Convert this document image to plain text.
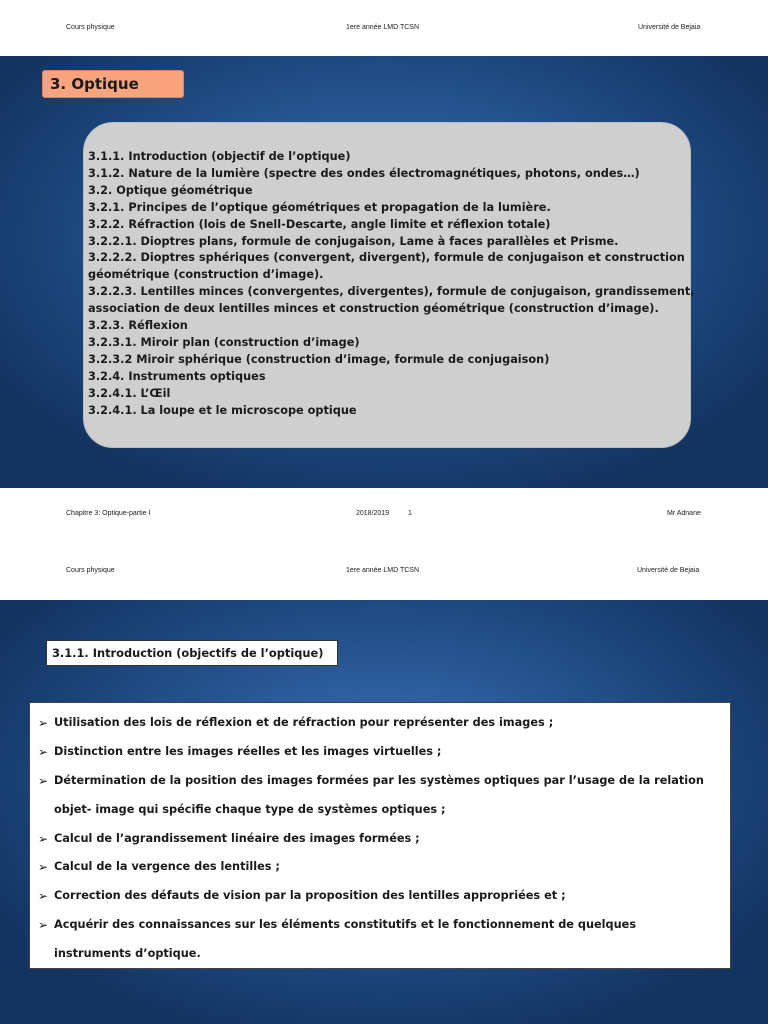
Cours physique	1ere année LMD TCSN	Université de Bejaia
3. Optique
3.1.1. Introduction (objectif de l’optique)
3.1.2. Nature de la lumière (spectre des ondes électromagnétiques, photons, ondes…)
3.2. Optique géométrique
3.2.1. Principes de l’optique géométriques et propagation de la lumière.
3.2.2. Réfraction (lois de Snell-Descarte, angle limite et réflexion totale)
3.2.2.1. Dioptres plans, formule de conjugaison, Lame à faces parallèles et Prisme.
3.2.2.2. Dioptres sphériques (convergent, divergent), formule de conjugaison et construction
géométrique (construction d’image).
3.2.2.3. Lentilles minces (convergentes, divergentes), formule de conjugaison, grandissement,
association de deux lentilles minces et construction géométrique (construction d’image).
3.2.3. Réflexion
3.2.3.1. Miroir plan (construction d’image)
3.2.3.2 Miroir sphérique (construction d’image, formule de conjugaison)
3.2.4. Instruments optiques
3.2.4.1. L’Œil
3.2.4.1. La loupe et le microscope optique
Chapitre 3: Optique-partie I	2018/2019	1	Mr Adnane
Cours physique	1ere année LMD TCSN	Université de Bejaia
3.1.1. Introduction (objectifs de l’optique)
➢ Utilisation des lois de réflexion et de réfraction pour représenter des images ;
➢ Distinction entre les images réelles et les images virtuelles ;
➢ Détermination de la position des images formées par les systèmes optiques par l’usage de la relation
objet- image qui spécifie chaque type de systèmes optiques ;
➢ Calcul de l’agrandissement linéaire des images formées ;
➢ Calcul de la vergence des lentilles ;
➢ Correction des défauts de vision par la proposition des lentilles appropriées et ;
➢ Acquérir des connaissances sur les éléments constitutifs et le fonctionnement de quelques
instruments d’optique.
